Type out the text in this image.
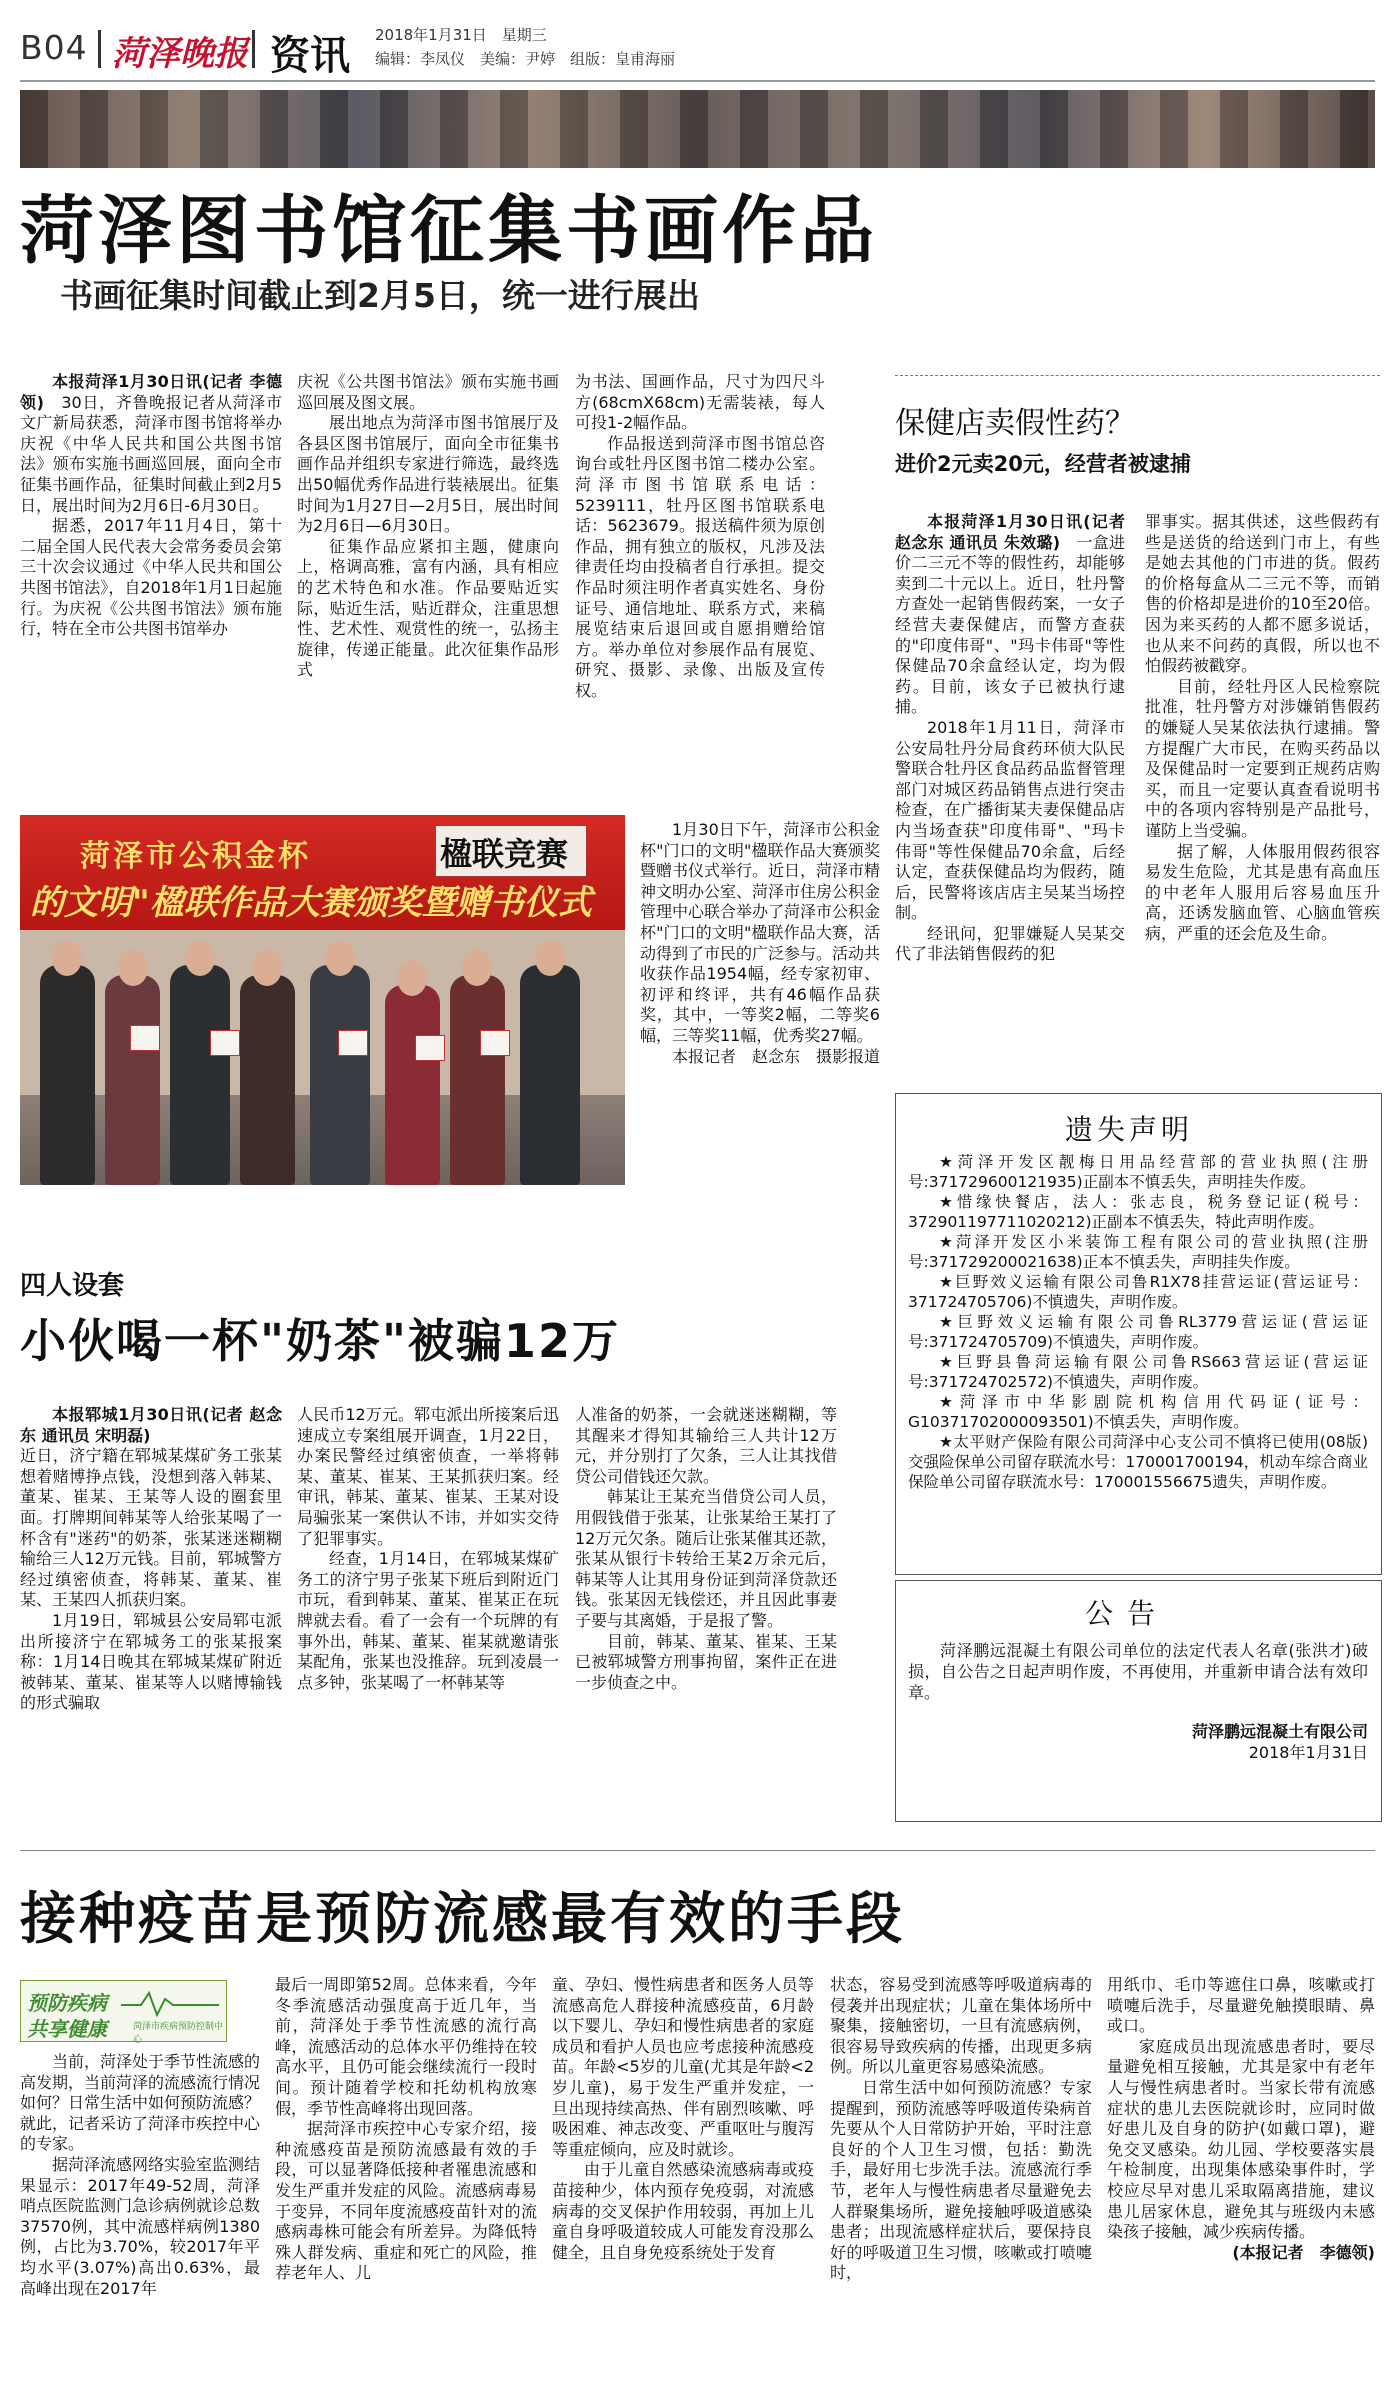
B04 菏泽晚报 资讯 2018年1月31日　星期三
编辑：李凤仪　美编：尹婷　组版：皇甫海丽
菏泽图书馆征集书画作品
书画征集时间截止到2月5日，统一进行展出

本报菏泽1月30日讯(记者 李德领)　 30日，齐鲁晚报记者从菏泽市文广新局获悉，菏泽市图书馆将举办庆祝《中华人民共和国公共图书馆法》颁布实施书画巡回展，面向全市征集书画作品，征集时间截止到2月5日，展出时间为2月6日-6月30日。

据悉，2017年11月4日，第十二届全国人民代表大会常务委员会第三十次会议通过《中华人民共和国公共图书馆法》，自2018年1月1日起施行。为庆祝《公共图书馆法》颁布施行，特在全市公共图书馆举办

庆祝《公共图书馆法》颁布实施书画巡回展及图文展。

展出地点为菏泽市图书馆展厅及各县区图书馆展厅，面向全市征集书画作品并组织专家进行筛选，最终选出50幅优秀作品进行装裱展出。征集时间为1月27日—2月5日，展出时间为2月6日—6月30日。

征集作品应紧扣主题，健康向上，格调高雅，富有内涵，具有相应的艺术特色和水准。作品要贴近实际，贴近生活，贴近群众，注重思想性、艺术性、观赏性的统一，弘扬主旋律，传递正能量。此次征集作品形式

为书法、国画作品，尺寸为四尺斗方(68cmX68cm)无需装裱，每人可投1-2幅作品。

作品报送到菏泽市图书馆总咨询台或牡丹区图书馆二楼办公室。菏泽市图书馆联系电话：5239111，牡丹区图书馆联系电话：5623679。报送稿件须为原创作品，拥有独立的版权，凡涉及法律责任均由投稿者自行承担。提交作品时须注明作者真实姓名、身份证号、通信地址、联系方式，来稿展览结束后退回或自愿捐赠给馆方。举办单位对参展作品有展览、研究、摄影、录像、出版及宣传权。

保健店卖假性药？
进价2元卖20元，经营者被逮捕

本报菏泽1月30日讯(记者 赵念东 通讯员 朱效璐)　 一盒进价二三元不等的假性药，却能够卖到二十元以上。近日，牡丹警方查处一起销售假药案，一女子经营夫妻保健店，而警方查获的"印度伟哥"、"玛卡伟哥"等性保健品70余盒经认定，均为假药。目前，该女子已被执行逮捕。

2018年1月11日，菏泽市公安局牡丹分局食药环侦大队民警联合牡丹区食品药品监督管理部门对城区药品销售点进行突击检查，在广播街某夫妻保健品店内当场查获"印度伟哥"、"玛卡伟哥"等性保健品70余盒，后经认定，查获保健品均为假药，随后，民警将该店店主吴某当场控制。

经讯问，犯罪嫌疑人吴某交代了非法销售假药的犯

罪事实。据其供述，这些假药有些是送货的给送到门市上，有些是她去其他的门市进的货。假药的价格每盒从二三元不等，而销售的价格却是进价的10至20倍。因为来买药的人都不愿多说话，也从来不问药的真假，所以也不怕假药被戳穿。

目前，经牡丹区人民检察院批准，牡丹警方对涉嫌销售假药的嫌疑人吴某依法执行逮捕。警方提醒广大市民，在购买药品以及保健品时一定要到正规药店购买，而且一定要认真查看说明书中的各项内容特别是产品批号，谨防上当受骗。

据了解，人体服用假药很容易发生危险，尤其是患有高血压的中老年人服用后容易血压升高，还诱发脑血管、心脑血管疾病，严重的还会危及生命。

菏泽市公积金杯
的文明"楹联作品大赛颁奖暨赠书仪式
楹联竞赛

1月30日下午，菏泽市公积金杯"门口的文明"楹联作品大赛颁奖暨赠书仪式举行。近日，菏泽市精神文明办公室、菏泽市住房公积金管理中心联合举办了菏泽市公积金杯"门口的文明"楹联作品大赛，活动得到了市民的广泛参与。活动共收获作品1954幅，经专家初审、初评和终评，共有46幅作品获奖，其中，一等奖2幅，二等奖6幅，三等奖11幅，优秀奖27幅。

本报记者　赵念东　摄影报道

遗失声明

★菏泽开发区靓梅日用品经营部的营业执照(注册号:371729600121935)正副本不慎丢失，声明挂失作废。

★惜缘快餐店，法人：张志良，税务登记证(税号：372901197711020212)正副本不慎丢失，特此声明作废。

★菏泽开发区小米装饰工程有限公司的营业执照(注册号:371729200021638)正本不慎丢失，声明挂失作废。

★巨野效义运输有限公司鲁R1X78挂营运证(营运证号：371724705706)不慎遗失，声明作废。

★巨野效义运输有限公司鲁RL3779营运证(营运证号:371724705709)不慎遗失，声明作废。

★巨野县鲁菏运输有限公司鲁RS663营运证(营运证号:371724702572)不慎遗失，声明作废。

★菏泽市中华影剧院机构信用代码证(证号：G10371702000093501)不慎丢失，声明作废。

★太平财产保险有限公司菏泽中心支公司不慎将已使用(08版)交强险保单公司留存联流水号：170001700194，机动车综合商业保险单公司留存联流水号：170001556675遗失，声明作废。

公告

菏泽鹏远混凝土有限公司单位的法定代表人名章(张洪才)破损，自公告之日起声明作废，不再使用，并重新申请合法有效印章。

菏泽鹏远混凝土有限公司

2018年1月31日

四人设套
小伙喝一杯"奶茶"被骗12万

本报郓城1月30日讯(记者 赵念东 通讯员 宋明磊)

近日，济宁籍在郓城某煤矿务工张某想着赌博挣点钱，没想到落入韩某、董某、崔某、王某等人设的圈套里面。打牌期间韩某等人给张某喝了一杯含有"迷药"的奶茶，张某迷迷糊糊输给三人12万元钱。目前，郓城警方经过缜密侦查，将韩某、董某、崔某、王某四人抓获归案。

1月19日，郓城县公安局郓屯派出所接济宁在郓城务工的张某报案称：1月14日晚其在郓城某煤矿附近被韩某、董某、崔某等人以赌博输钱的形式骗取

人民币12万元。郓屯派出所接案后迅速成立专案组展开调查，1月22日，办案民警经过缜密侦查，一举将韩某、董某、崔某、王某抓获归案。经审讯，韩某、董某、崔某、王某对设局骗张某一案供认不讳，并如实交待了犯罪事实。

经查，1月14日，在郓城某煤矿务工的济宁男子张某下班后到附近门市玩，看到韩某、董某、崔某正在玩牌就去看。看了一会有一个玩牌的有事外出，韩某、董某、崔某就邀请张某配角，张某也没推辞。玩到凌晨一点多钟，张某喝了一杯韩某等

人准备的奶茶，一会就迷迷糊糊，等其醒来才得知其输给三人共计12万元，并分别打了欠条，三人让其找借贷公司借钱还欠款。

韩某让王某充当借贷公司人员，用假钱借于张某，让张某给王某打了12万元欠条。随后让张某催其还款，张某从银行卡转给王某2万余元后，韩某等人让其用身份证到菏泽贷款还钱。张某因无钱偿还，并且因此事妻子要与其离婚，于是报了警。

目前，韩某、董某、崔某、王某已被郓城警方刑事拘留，案件正在进一步侦查之中。

接种疫苗是预防流感最有效的手段
预防疾病
共享健康	菏泽市疾病预防控制中心

当前，菏泽处于季节性流感的高发期，当前菏泽的流感流行情况如何？日常生活中如何预防流感？就此，记者采访了菏泽市疾控中心的专家。

据菏泽流感网络实验室监测结果显示：2017年49-52周，菏泽哨点医院监测门急诊病例就诊总数37570例，其中流感样病例1380例，占比为3.70%，较2017年平均水平(3.07%)高出0.63%，最高峰出现在2017年

最后一周即第52周。总体来看，今年冬季流感活动强度高于近几年，当前，菏泽处于季节性流感的流行高峰，流感活动的总体水平仍维持在较高水平，且仍可能会继续流行一段时间。预计随着学校和托幼机构放寒假，季节性高峰将出现回落。

据菏泽市疾控中心专家介绍，接种流感疫苗是预防流感最有效的手段，可以显著降低接种者罹患流感和发生严重并发症的风险。流感病毒易于变异，不同年度流感疫苗针对的流感病毒株可能会有所差异。为降低特殊人群发病、重症和死亡的风险，推荐老年人、儿

童、孕妇、慢性病患者和医务人员等流感高危人群接种流感疫苗，6月龄以下婴儿、孕妇和慢性病患者的家庭成员和看护人员也应考虑接种流感疫苗。年龄<5岁的儿童(尤其是年龄<2岁儿童)，易于发生严重并发症，一旦出现持续高热、伴有剧烈咳嗽、呼吸困难、神志改变、严重呕吐与腹泻等重症倾向，应及时就诊。

由于儿童自然感染流感病毒或疫苗接种少，体内预存免疫弱，对流感病毒的交叉保护作用较弱，再加上儿童自身呼吸道较成人可能发育没那么健全，且自身免疫系统处于发育

状态，容易受到流感等呼吸道病毒的侵袭并出现症状；儿童在集体场所中聚集，接触密切，一旦有流感病例，很容易导致疾病的传播，出现更多病例。所以儿童更容易感染流感。

日常生活中如何预防流感？专家提醒到，预防流感等呼吸道传染病首先要从个人日常防护开始，平时注意良好的个人卫生习惯，包括：勤洗手，最好用七步洗手法。流感流行季节，老年人与慢性病患者尽量避免去人群聚集场所，避免接触呼吸道感染患者；出现流感样症状后，要保持良好的呼吸道卫生习惯，咳嗽或打喷嚏时，

用纸巾、毛巾等遮住口鼻，咳嗽或打喷嚏后洗手，尽量避免触摸眼睛、鼻或口。

家庭成员出现流感患者时，要尽量避免相互接触，尤其是家中有老年人与慢性病患者时。当家长带有流感症状的患儿去医院就诊时，应同时做好患儿及自身的防护(如戴口罩)，避免交叉感染。幼儿园、学校要落实晨午检制度，出现集体感染事件时，学校应尽早对患儿采取隔离措施，建议患儿居家休息，避免其与班级内未感染孩子接触，减少疾病传播。

(本报记者　李德领)
